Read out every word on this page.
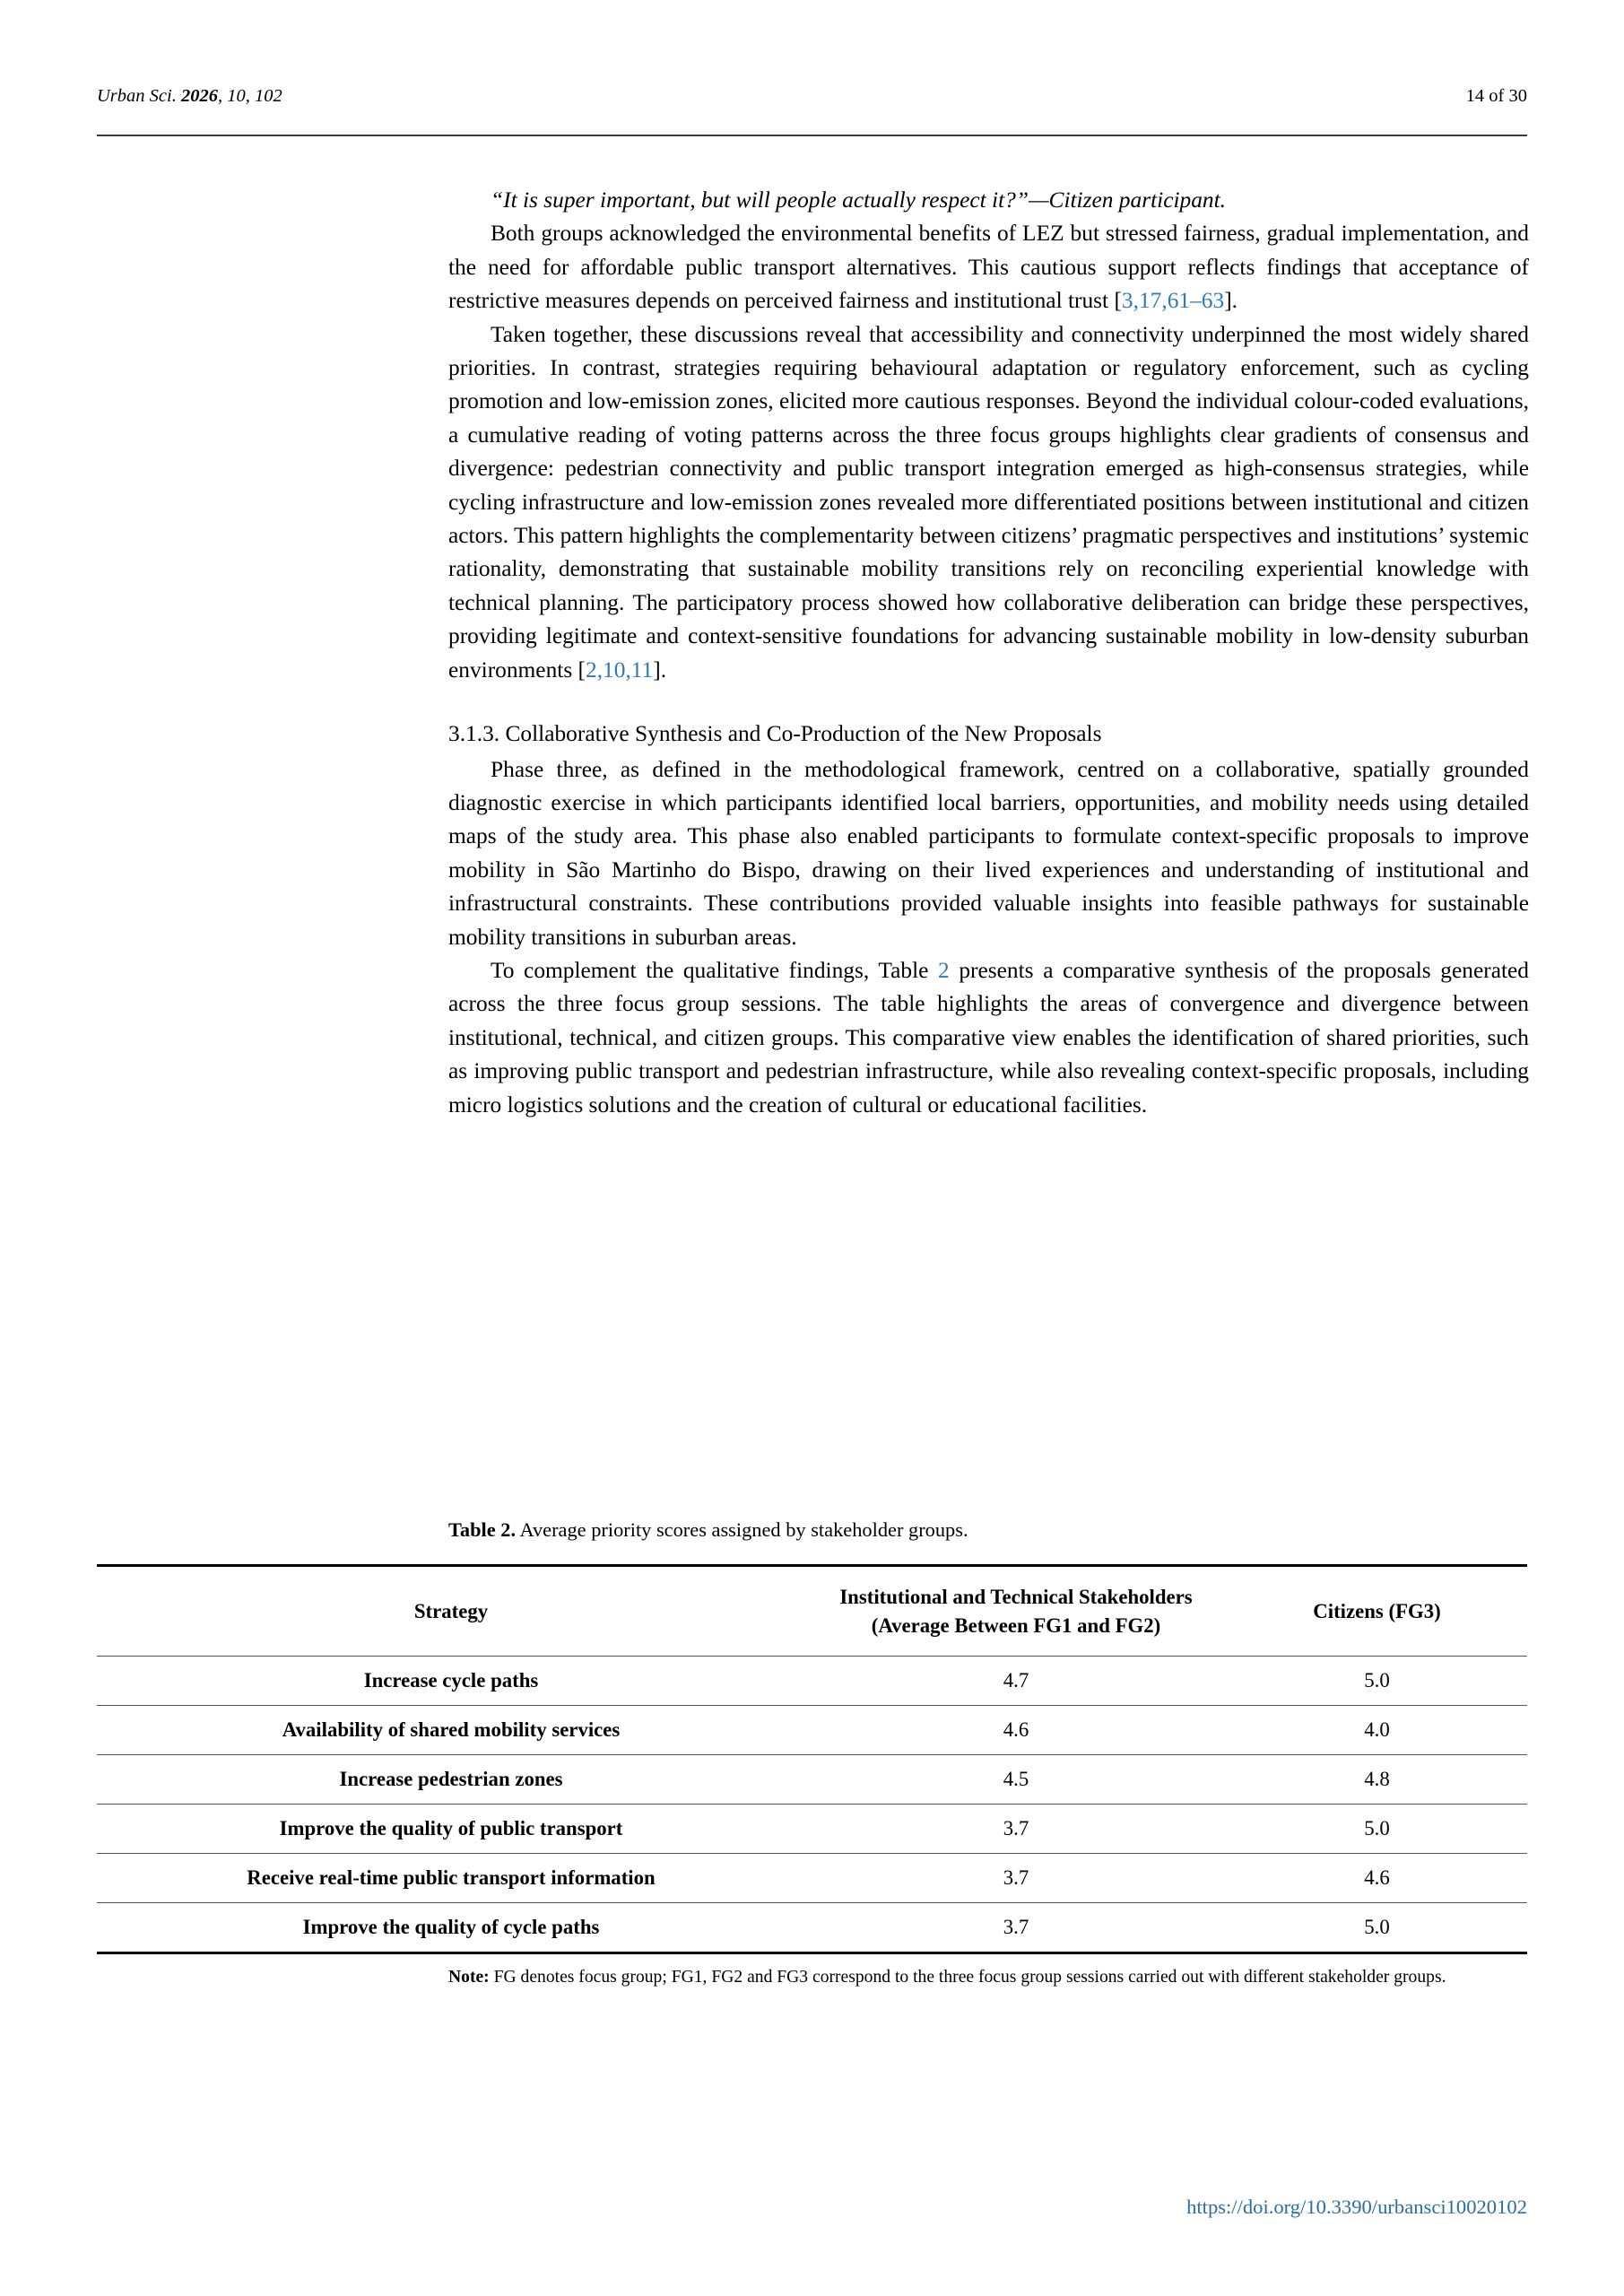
Urban Sci. 2026, 10, 102	14 of 30

“It is super important, but will people actually respect it?”—Citizen participant.

Both groups acknowledged the environmental benefits of LEZ but stressed fairness, gradual implementation, and the need for affordable public transport alternatives. This cautious support reflects findings that acceptance of restrictive measures depends on perceived fairness and institutional trust [3,17,61–63].

Taken together, these discussions reveal that accessibility and connectivity underpinned the most widely shared priorities. In contrast, strategies requiring behavioural adaptation or regulatory enforcement, such as cycling promotion and low-emission zones, elicited more cautious responses. Beyond the individual colour-coded evaluations, a cumulative reading of voting patterns across the three focus groups highlights clear gradients of consensus and divergence: pedestrian connectivity and public transport integration emerged as high-consensus strategies, while cycling infrastructure and low-emission zones revealed more differentiated positions between institutional and citizen actors. This pattern highlights the complementarity between citizens’ pragmatic perspectives and institutions’ systemic rationality, demonstrating that sustainable mobility transitions rely on reconciling experiential knowledge with technical planning. The participatory process showed how collaborative deliberation can bridge these perspectives, providing legitimate and context-sensitive foundations for advancing sustainable mobility in low-density suburban environments [2,10,11].

3.1.3. Collaborative Synthesis and Co-Production of the New Proposals

Phase three, as defined in the methodological framework, centred on a collaborative, spatially grounded diagnostic exercise in which participants identified local barriers, opportunities, and mobility needs using detailed maps of the study area. This phase also enabled participants to formulate context-specific proposals to improve mobility in São Martinho do Bispo, drawing on their lived experiences and understanding of institutional and infrastructural constraints. These contributions provided valuable insights into feasible pathways for sustainable mobility transitions in suburban areas.

To complement the qualitative findings, Table 2 presents a comparative synthesis of the proposals generated across the three focus group sessions. The table highlights the areas of convergence and divergence between institutional, technical, and citizen groups. This comparative view enables the identification of shared priorities, such as improving public transport and pedestrian infrastructure, while also revealing context-specific proposals, including micro logistics solutions and the creation of cultural or educational facilities.

Table 2. Average priority scores assigned by stakeholder groups.
Strategy	Institutional and Technical Stakeholders (Average Between FG1 and FG2)	Citizens (FG3)
Increase cycle paths	4.7	5.0
Availability of shared mobility services	4.6	4.0
Increase pedestrian zones	4.5	4.8
Improve the quality of public transport	3.7	5.0
Receive real-time public transport information	3.7	4.6
Improve the quality of cycle paths	3.7	5.0
Note: FG denotes focus group; FG1, FG2 and FG3 correspond to the three focus group sessions carried out with different stakeholder groups.
https://doi.org/10.3390/urbansci10020102
